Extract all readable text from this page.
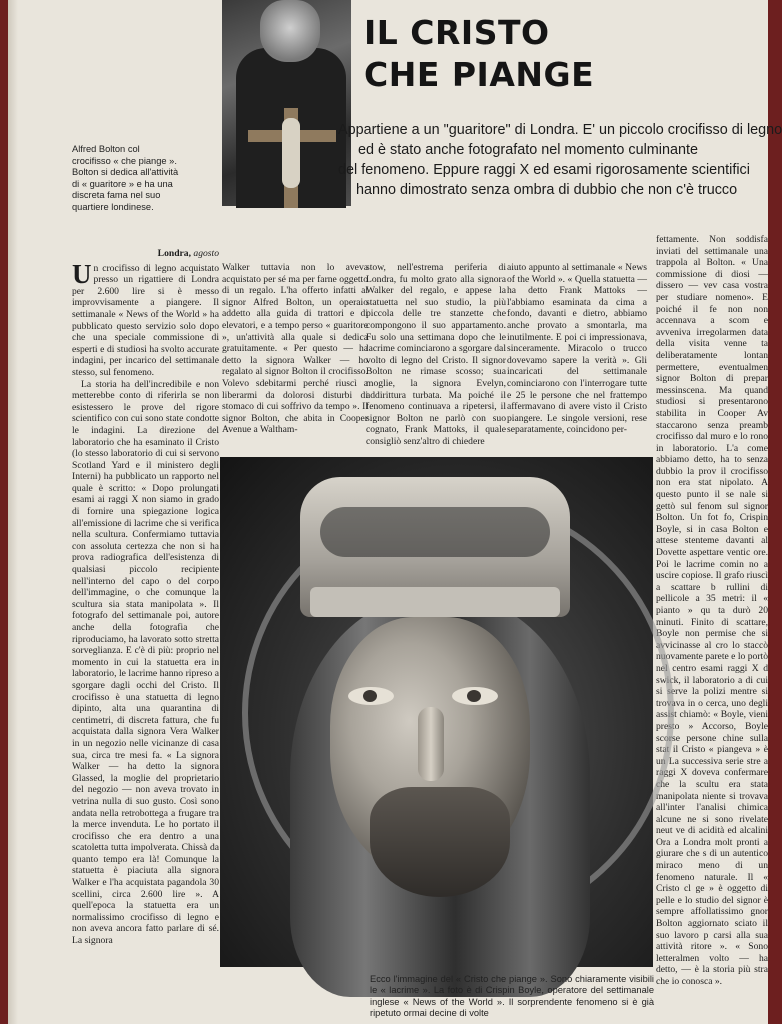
IL CRISTO
CHE PIANGE

Appartiene a un "guaritore" di Londra. E' un piccolo crocifisso di legno
ed è stato anche fotografato nel momento culminante
del fenomeno. Eppure raggi X ed esami rigorosamente scientifici
hanno dimostrato senza ombra di dubbio che non c'è trucco

Alfred Bolton col
crocifisso « che piange ».
Bolton si dedica all'attività
di « guaritore » e ha una
discreta fama nel suo
quartiere londinese.
Londra, agosto

Un crocifisso di legno acquistato presso un rigattiere di Londra per 2.600 lire si è messo improvvisamente a piangere. Il settimanale « News of the World » ha pubblicato questo servizio solo dopo che una speciale commissione di esperti e di studiosi ha svolto accurate indagini, per incarico del settimanale stesso, sul fenomeno.

La storia ha dell'incredibile e non metterebbe conto di riferirla se non esistessero le prove del rigore scientifico con cui sono state condotte le indagini. La direzione del laboratorio che ha esaminato il Cristo (lo stesso laboratorio di cui si servono Scotland Yard e il ministero degli Interni) ha pubblicato un rapporto nel quale è scritto: « Dopo prolungati esami ai raggi X non siamo in grado di fornire una spiegazione logica all'emissione di lacrime che si verifica nella scultura. Confermiamo tuttavia con assoluta certezza che non si ha prova radiografica dell'esistenza di qualsiasi piccolo recipiente nell'interno del capo o del corpo dell'immagine, o che comunque la scultura sia stata manipolata ». Il fotografo del settimanale poi, autore anche della fotografia che riproduciamo, ha lavorato sotto stretta sorveglianza. E c'è di più: proprio nel momento in cui la statuetta era in laboratorio, le lacrime hanno ripreso a sgorgare dagli occhi del Cristo. Il crocifisso è una statuetta di legno dipinto, alta una quarantina di centimetri, di discreta fattura, che fu acquistata dalla signora Vera Walker in un negozio nelle vicinanze di casa sua, circa tre mesi fa. « La signora Walker — ha detto la signora Glassed, la moglie del proprietario del negozio — non aveva trovato in vetrina nulla di suo gusto. Così sono andata nella retrobottega a frugare tra la merce invenduta. Le ho portato il crocifisso che era dentro a una scatoletta tutta impolverata. Chissà da quanto tempo era là! Comunque la statuetta è piaciuta alla signora Walker e l'ha acquistata pagandola 30 scellini, circa 2.600 lire ». A quell'epoca la statuetta era un normalissimo crocifisso di legno e non aveva ancora fatto parlare di sé. La signora

Walker tuttavia non lo aveva acquistato per sé ma per farne oggetto di un regalo. L'ha offerto infatti al signor Alfred Bolton, un operaio addetto alla guida di trattori e di elevatori, e a tempo perso « guaritore », un'attività alla quale si dedica gratuitamente. « Per questo — ha detto la signora Walker — ho regalato al signor Bolton il crocifisso. Volevo sdebitarmi perché riuscì a liberarmi da dolorosi disturbi di stomaco di cui soffrivo da tempo ». Il signor Bolton, che abita in Cooper Avenue a Waltham-

stow, nell'estrema periferia di Londra, fu molto grato alla signora Walker del regalo, e appese la statuetta nel suo studio, la più piccola delle tre stanzette che compongono il suo appartamento. Fu solo una settimana dopo che le lacrime cominciarono a sgorgare dal volto di legno del Cristo. Il signor Bolton ne rimase scosso; sua moglie, la signora Evelyn, addirittura turbata. Ma poiché il fenomeno continuava a ripetersi, il signor Bolton ne parlò con suo cognato, Frank Mattoks, il quale consigliò senz'altro di chiedere

aiuto appunto al settimanale « News of the World ». « Quella statuetta — ha detto Frank Mattoks — l'abbiamo esaminata da cima a fondo, davanti e dietro, abbiamo anche provato a smontarla, ma inutilmente. E poi ci impressionava, sinceramente. Miracolo o trucco dovevamo sapere la verità ». Gli incaricati del settimanale cominciarono con l'interrogare tutte e 25 le persone che nel frattempo affermavano di avere visto il Cristo piangere. Le singole versioni, rese separatamente, coincidono per-

fettamente. Non soddisfa inviati del settimanale una trappola al Bolton. « Una commissione di diosi — dissero — vev casa vostra per studiare nomeno». E poiché il fe non non accennava a scom e avveniva irregolarmen data della visita venne ta deliberatamente lontan permettere, eventualmen signor Bolton di prepar messinscena. Ma quand studiosi si presentarono stabilita in Cooper Av staccarono senza preamb crocifisso dal muro e lo rono in laboratorio. L'a come abbiamo detto, ha to senza dubbio la prov il crocifisso non era stat nipolato. A questo punto il se nale si gettò sul fenom sul signor Bolton. Un fot fo, Crispin Boyle, si in casa Bolton e attese stenteme davanti al Dovette aspettare ventic ore. Poi le lacrime comin no a uscire copiose. Il grafo riuscì a scattare b rullini di pellicole a 35 metri: il « pianto » qu ta durò 20 minuti. Finito di scattare, Boyle non permise che si avvicinasse al cro lo staccò nuovamente parete e lo portò nel centro esami raggi X d swick, il laboratorio a di cui si serve la polizi mentre si trovava in o cerca, uno degli assist chiamò: « Boyle, vieni presto » Accorso, Boyle scorse persone chine sulla stat il Cristo « piangeva » è un La successiva serie stre a raggi X doveva confermare che la scultu era stata manipolata niente si trovava all'inter l'analisi chimica alcune ne si sono rivelate neut ve di acidità ed alcalini Ora a Londra molt pronti a giurare che s di un autentico miraco meno di un fenomeno naturale. Il « Cristo cl ge » è oggetto di pelle e lo studio del signor è sempre affollatissimo gnor Bolton aggiornato sciato il suo lavoro p carsi alla sua attività ritore ». « Sono letteralmen volto — ha detto, — è la storia più stra che io conosca ».

Ecco l'immagine del « Cristo che piange ». Sono chiaramente visibili le « lacrime ». La foto è di Crispin Boyle, operatore del settimanale inglese « News of the World ». Il sorprendente fenomeno si è già ripetuto ormai decine di volte
